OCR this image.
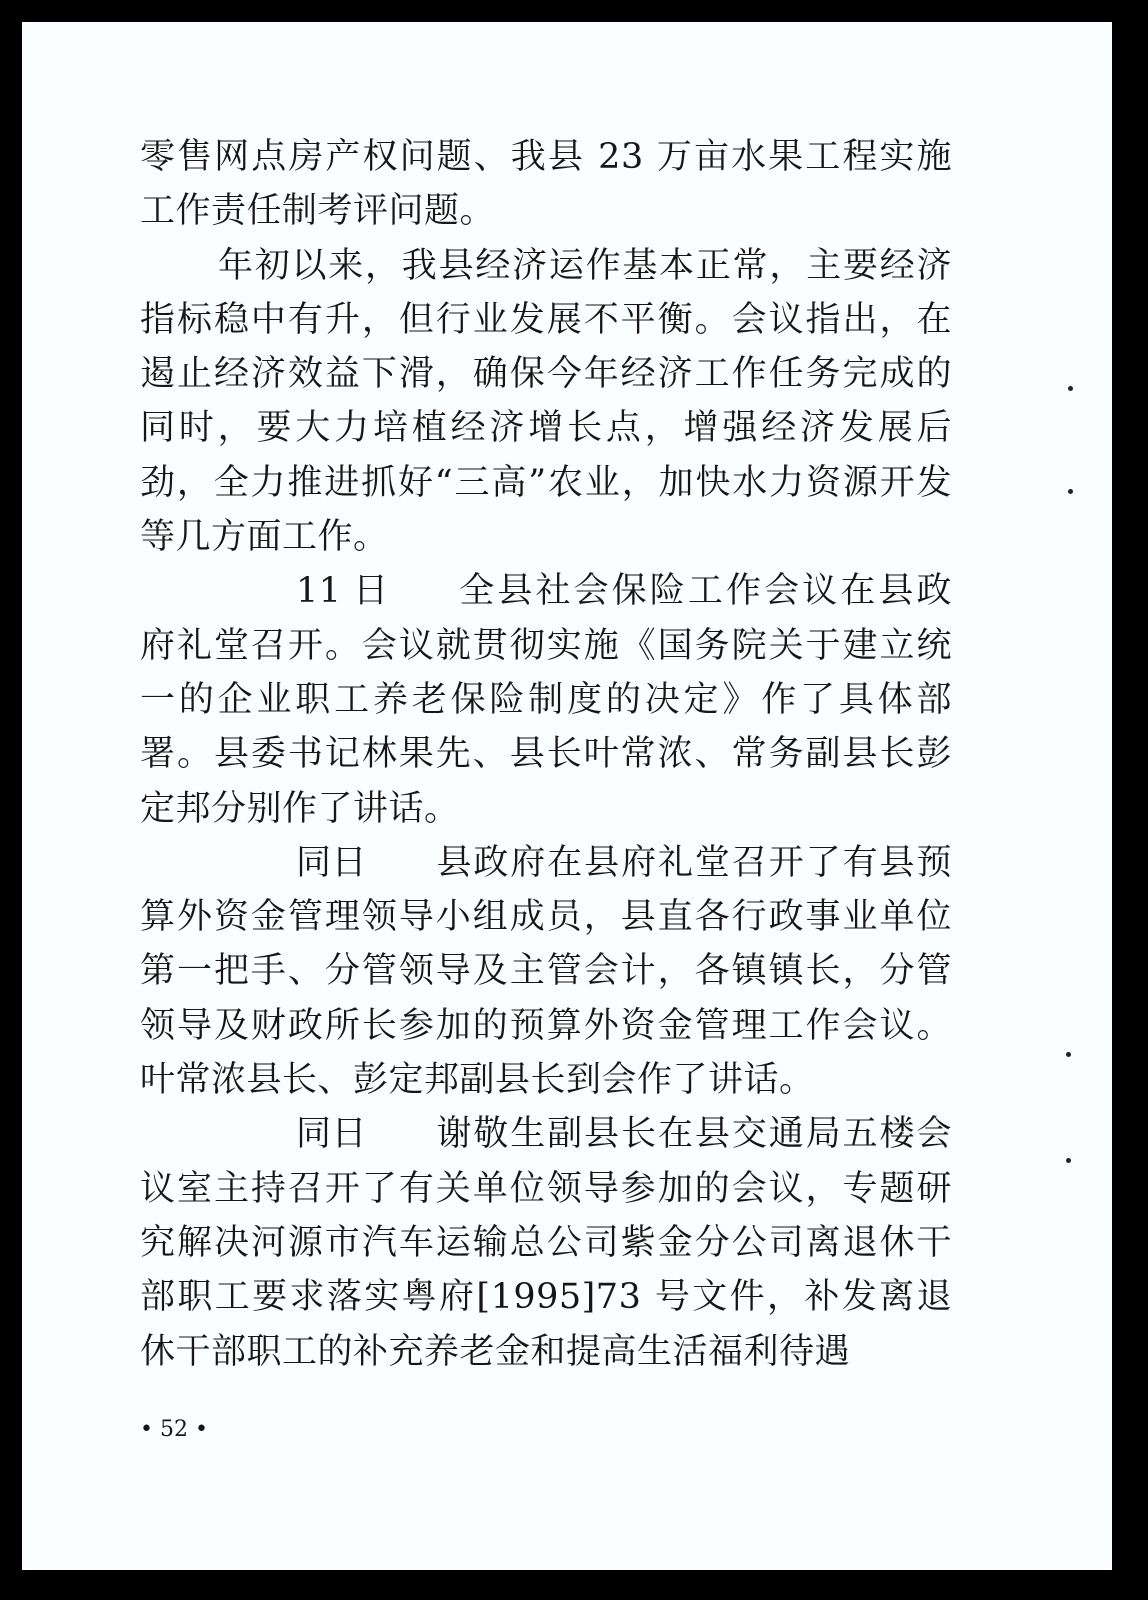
零售网点房产权问题、我县 23 万亩水果工程实施工作责任制考评问题。

年初以来，我县经济运作基本正常，主要经济指标稳中有升，但行业发展不平衡。会议指出，在遏止经济效益下滑，确保今年经济工作任务完成的同时，要大力培植经济增长点，增强经济发展后劲，全力推进抓好“三高”农业，加快水力资源开发等几方面工作。

11 日 全县社会保险工作会议在县政府礼堂召开。会议就贯彻实施《国务院关于建立统一的企业职工养老保险制度的决定》作了具体部署。县委书记林果先、县长叶常浓、常务副县长彭定邦分别作了讲话。

同日 县政府在县府礼堂召开了有县预算外资金管理领导小组成员，县直各行政事业单位第一把手、分管领导及主管会计，各镇镇长，分管领导及财政所长参加的预算外资金管理工作会议。叶常浓县长、彭定邦副县长到会作了讲话。

同日 谢敬生副县长在县交通局五楼会议室主持召开了有关单位领导参加的会议，专题研究解决河源市汽车运输总公司紫金分公司离退休干部职工要求落实粤府[1995]73 号文件，补发离退休干部职工的补充养老金和提高生活福利待遇

• 52 •
